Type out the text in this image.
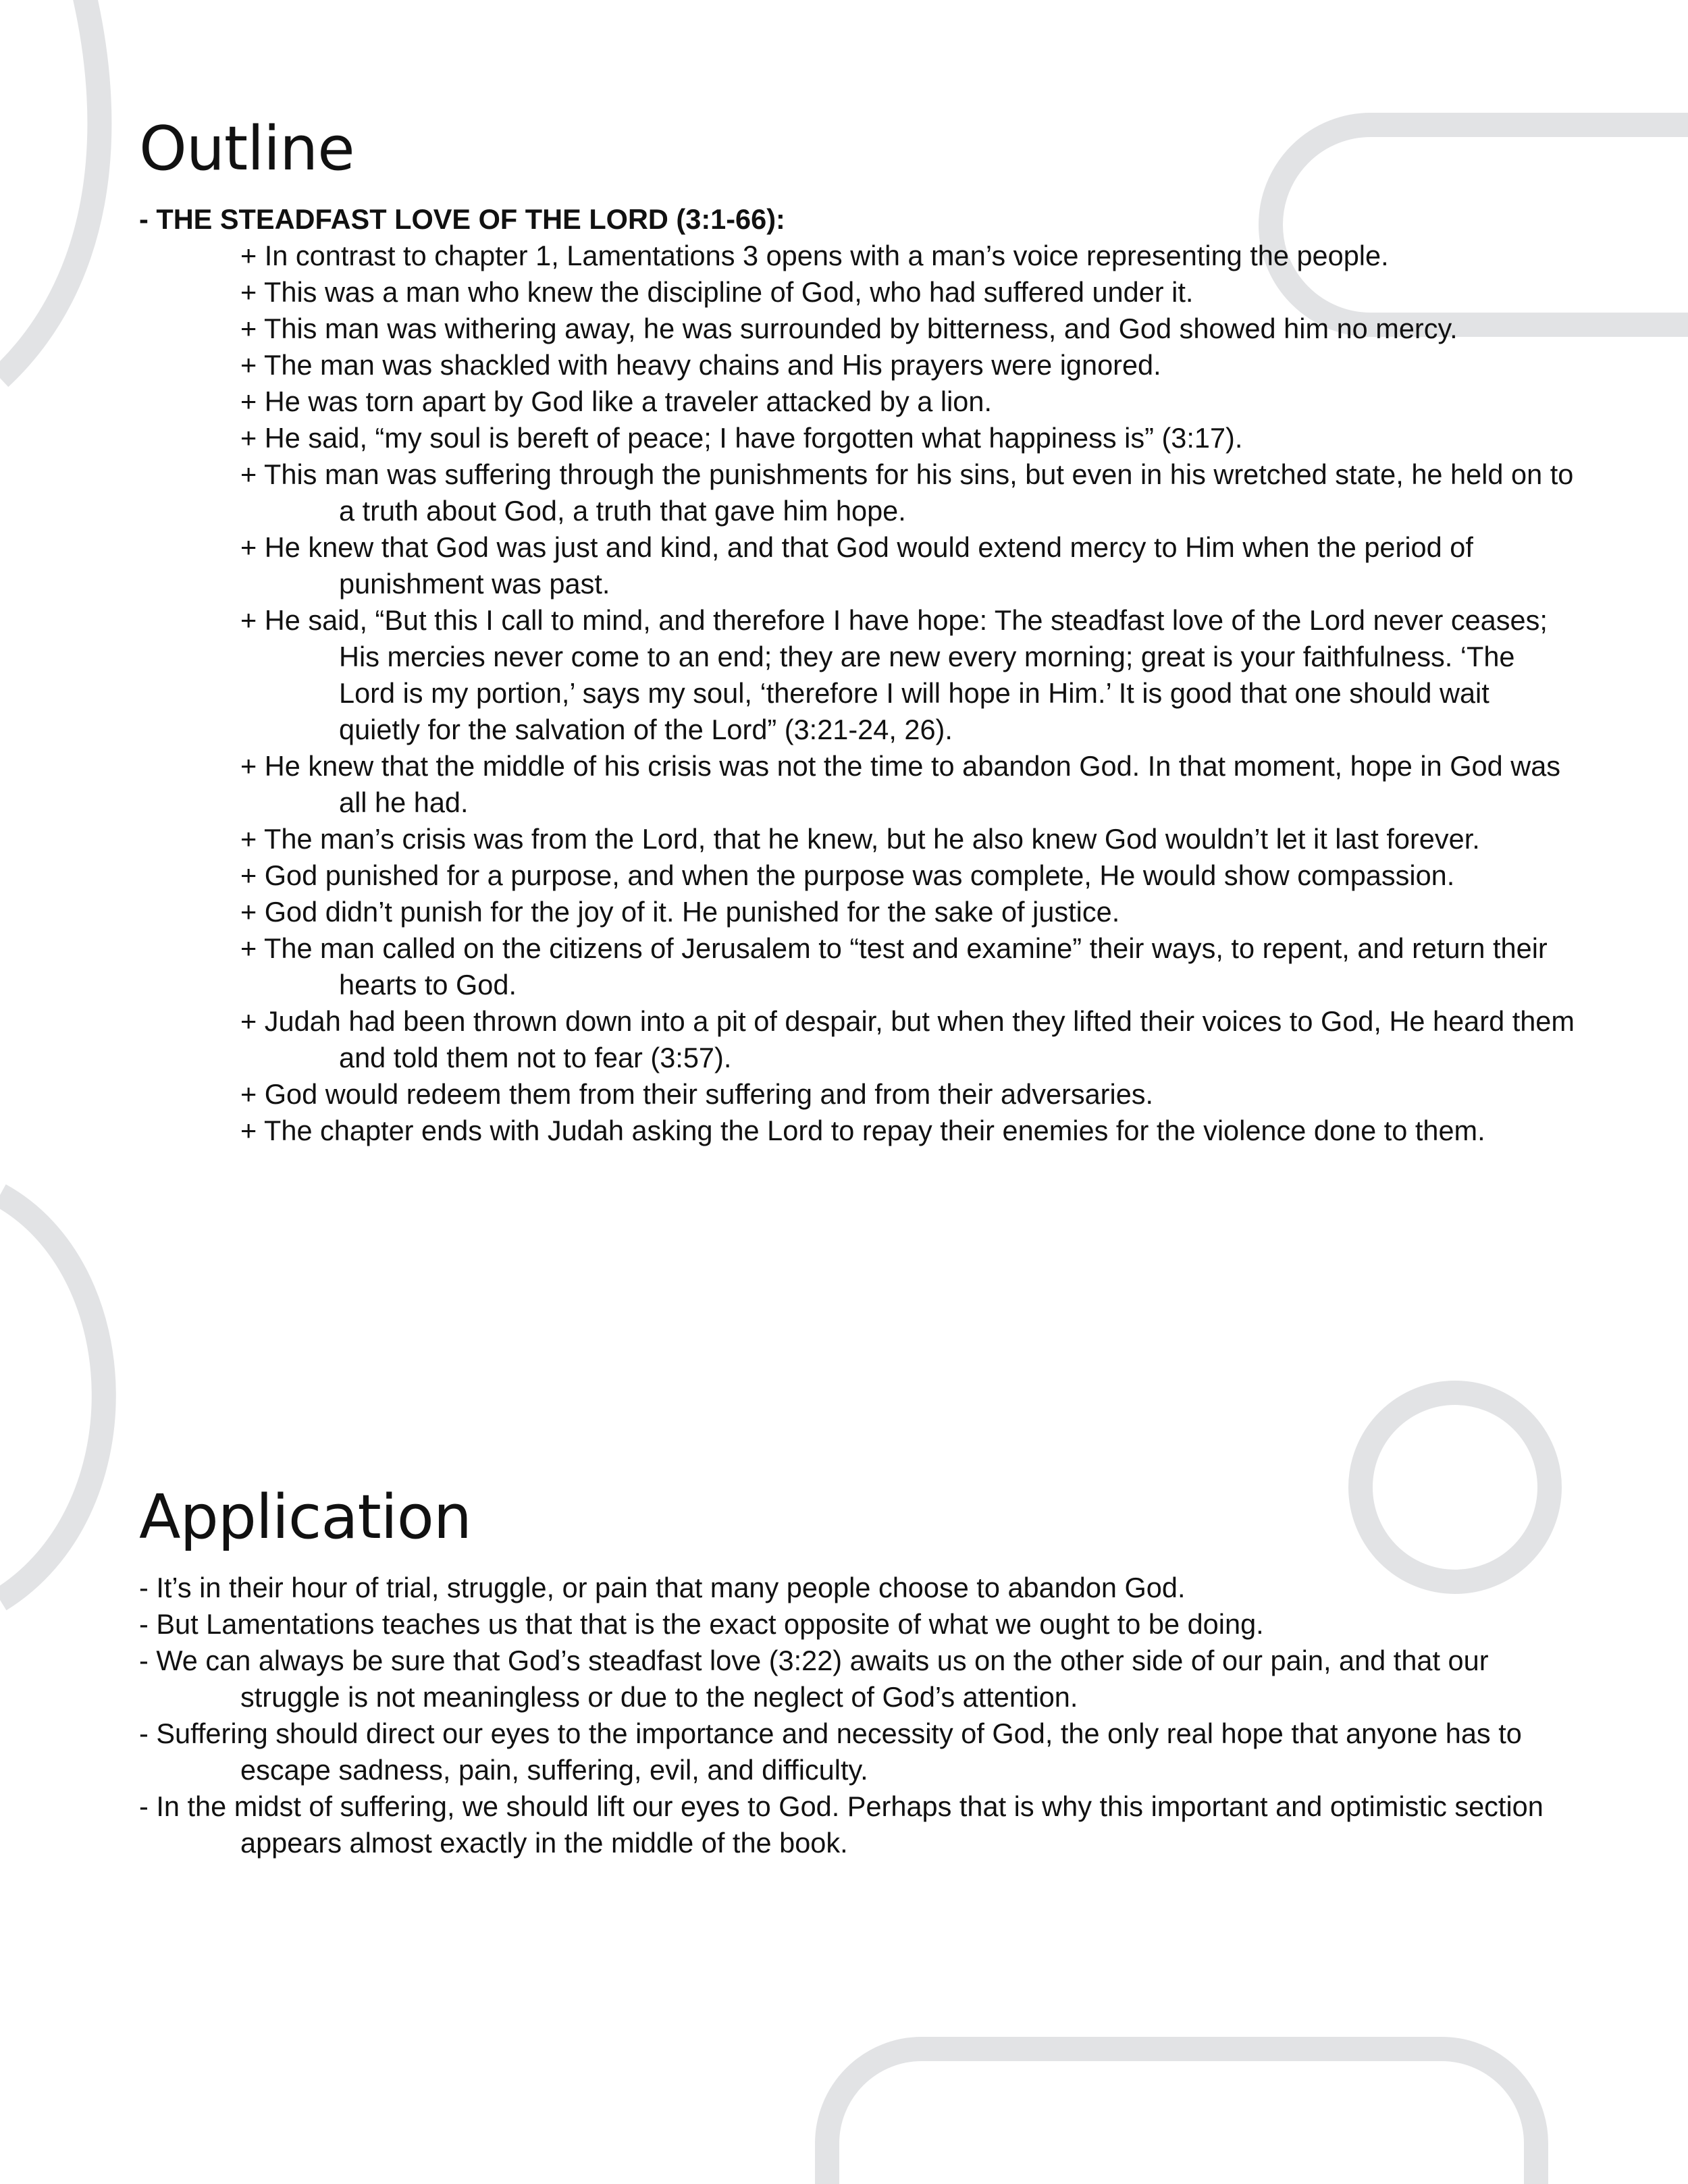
Outline
- THE STEADFAST LOVE OF THE LORD (3:1-66):
+ In contrast to chapter 1, Lamentations 3 opens with a man’s voice representing the people.
+ This was a man who knew the discipline of God, who had suffered under it.
+ This man was withering away, he was surrounded by bitterness, and God showed him no mercy.
+ The man was shackled with heavy chains and His prayers were ignored.
+ He was torn apart by God like a traveler attacked by a lion.
+ He said, “my soul is bereft of peace; I have forgotten what happiness is” (3:17).
+ This man was suffering through the punishments for his sins, but even in his wretched state, he held on to a truth about God, a truth that gave him hope.
+ He knew that God was just and kind, and that God would extend mercy to Him when the period of punishment was past.
+ He said, “But this I call to mind, and therefore I have hope: The steadfast love of the Lord never ceases; His mercies never come to an end; they are new every morning; great is your faithfulness. ‘The Lord is my portion,’ says my soul, ‘therefore I will hope in Him.’ It is good that one should wait quietly for the salvation of the Lord” (3:21-24, 26).
+ He knew that the middle of his crisis was not the time to abandon God. In that moment, hope in God was all he had.
+ The man’s crisis was from the Lord, that he knew, but he also knew God wouldn’t let it last forever.
+ God punished for a purpose, and when the purpose was complete, He would show compassion.
+ God didn’t punish for the joy of it. He punished for the sake of justice.
+ The man called on the citizens of Jerusalem to “test and examine” their ways, to repent, and return their hearts to God.
+ Judah had been thrown down into a pit of despair, but when they lifted their voices to God, He heard them and told them not to fear (3:57).
+ God would redeem them from their suffering and from their adversaries.
+ The chapter ends with Judah asking the Lord to repay their enemies for the violence done to them.
Application
- It’s in their hour of trial, struggle, or pain that many people choose to abandon God.
- But Lamentations teaches us that that is the exact opposite of what we ought to be doing.
- We can always be sure that God’s steadfast love (3:22) awaits us on the other side of our pain, and that our struggle is not meaningless or due to the neglect of God’s attention.
- Suffering should direct our eyes to the importance and necessity of God, the only real hope that anyone has to escape sadness, pain, suffering, evil, and difficulty.
- In the midst of suffering, we should lift our eyes to God. Perhaps that is why this important and optimistic section appears almost exactly in the middle of the book.
